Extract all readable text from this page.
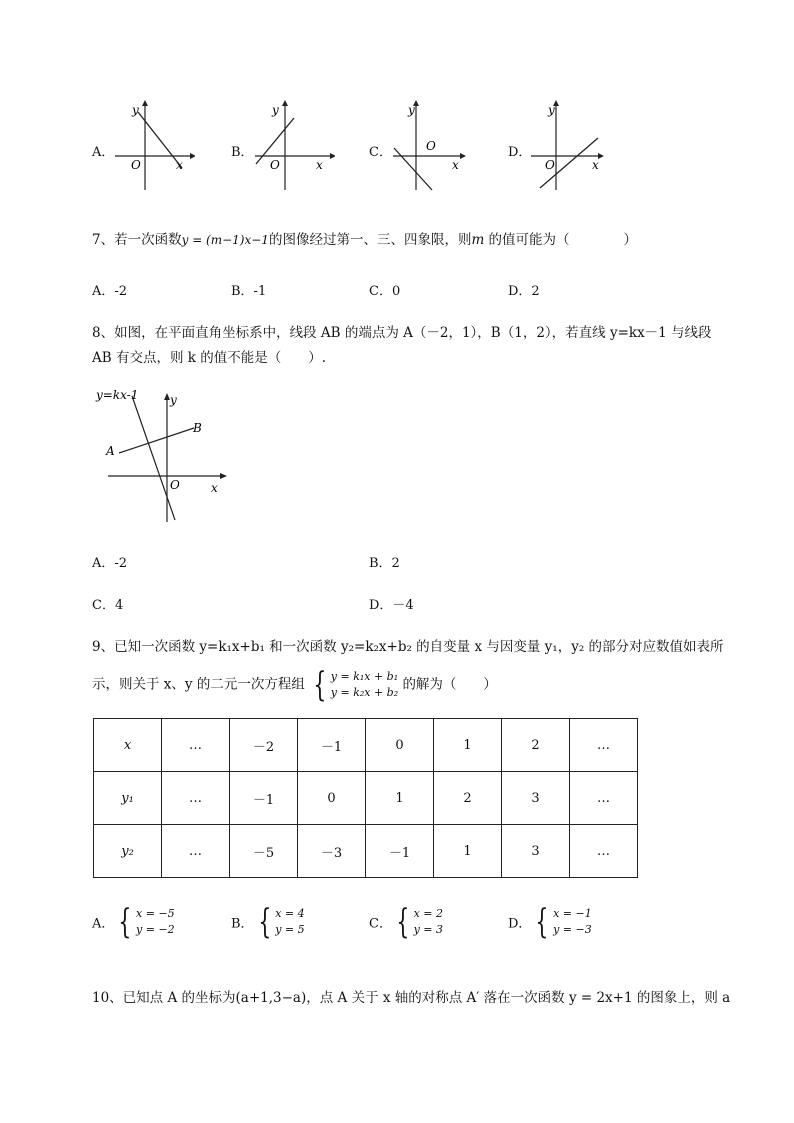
A．
y
x
O
B．
y
x
O
C．
y
x
O	D．
y
x
O
7、若一次函数y = (m−1)x−1的图像经过第一、三、四象限，则m 的值可能为（　　　　）
A．-2	B．-1	C．0	D．2
8、如图，在平面直角坐标系中，线段 AB 的端点为 A（－2，1），B（1，2），若直线 y=kx－1 与线段
AB 有交点，则 k 的值不能是（　　）.
y=kx-1	y
x
O
A
B
A．-2	B．2
C．4	D．－4
9、已知一次函数 y=k₁x+b₁ 和一次函数 y₂=k₂x+b₂ 的自变量 x 与因变量 y₁，y₂ 的部分对应数值如表所
示，则关于 x、y 的二元一次方程组 { y = k₁x + b₁
y = k₂x + b₂ 的解为（　　）
x	…	－2	－1	0	1	2	…
y₁	…	－1	0	1	2	3	…
y₂	…	－5	－3	－1	1	3	…
A． { x = −5
y = −2	B． { x = 4
y = 5	C． { x = 2
y = 3	D． { x = −1
y = −3
10、已知点 A 的坐标为(a+1,3−a)，点 A 关于 x 轴的对称点 A′ 落在一次函数 y = 2x+1 的图象上，则 a
